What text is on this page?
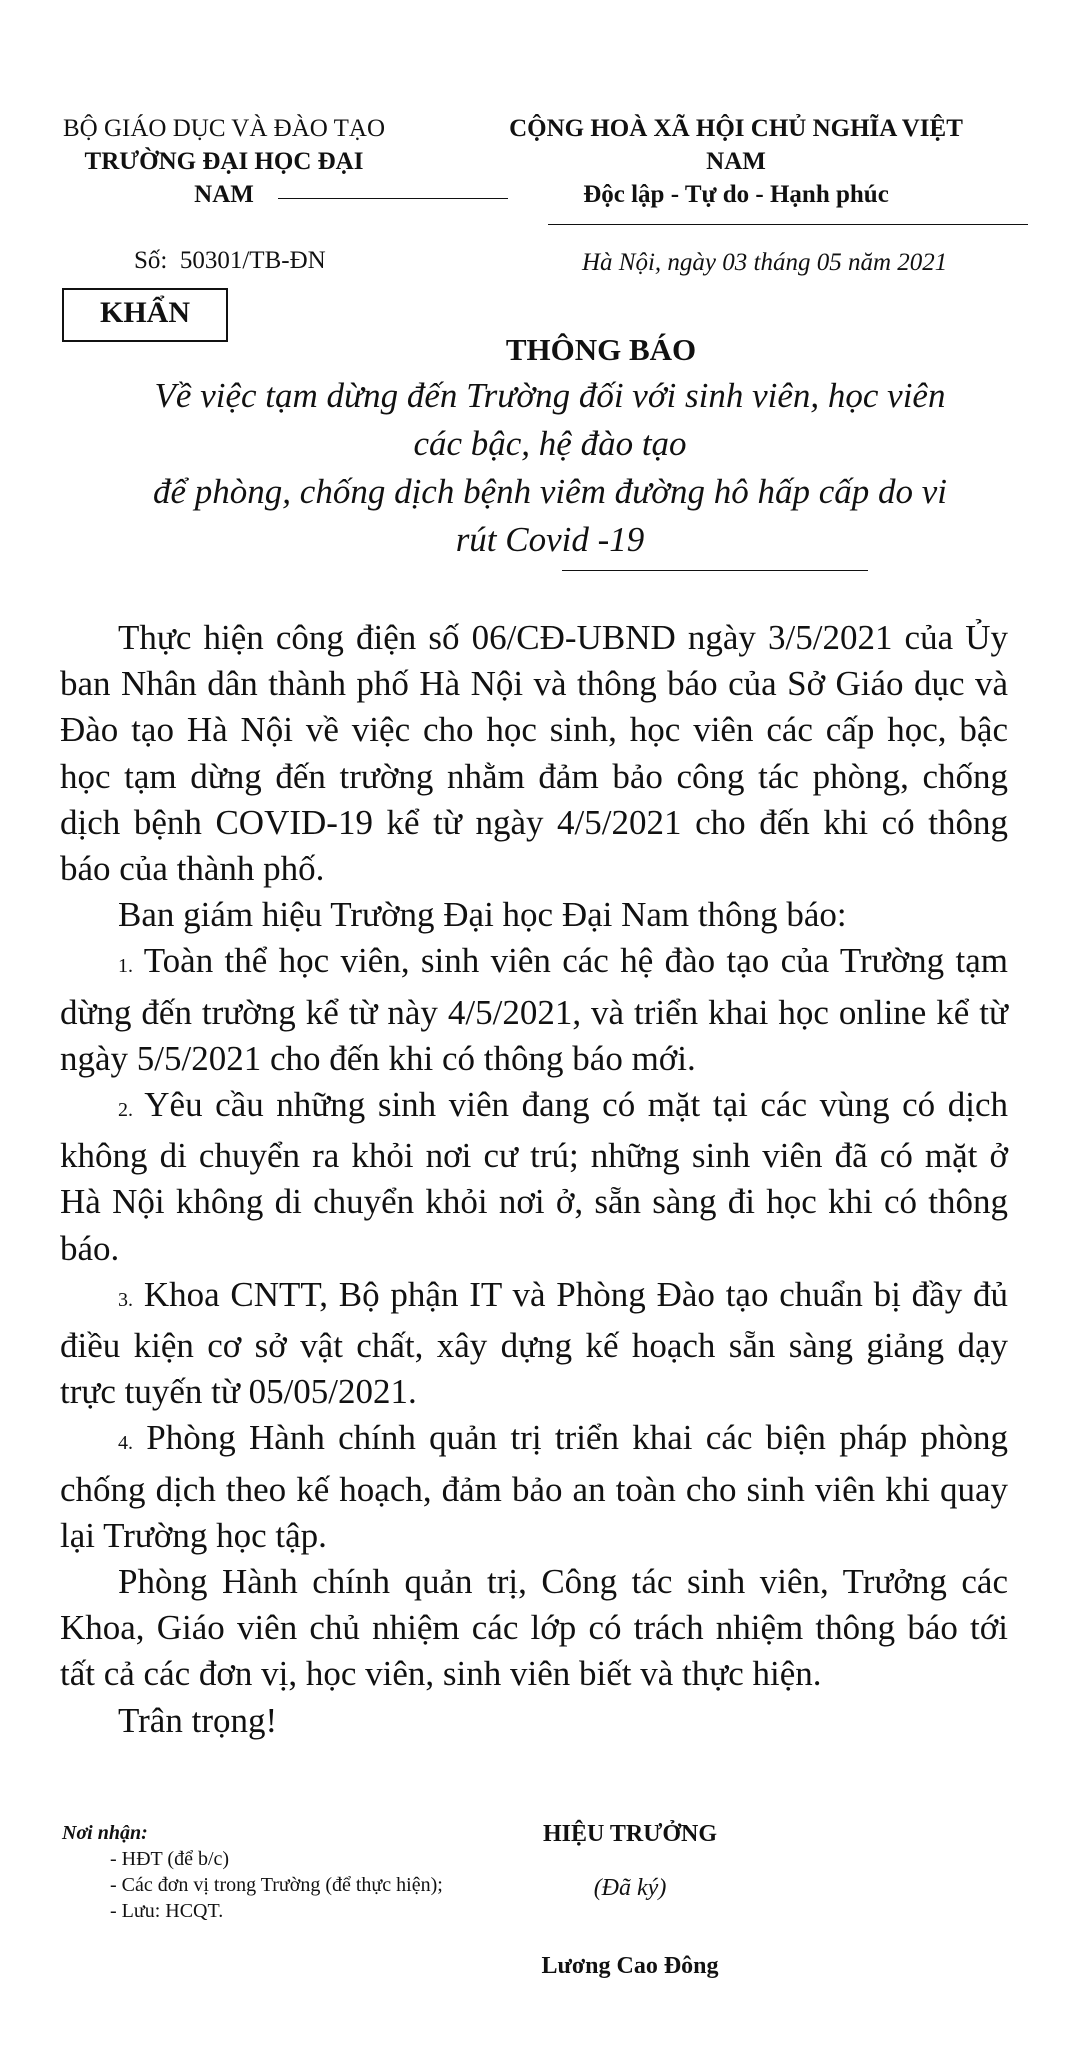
BỘ GIÁO DỤC VÀ ĐÀO TẠO
TRƯỜNG ĐẠI HỌC ĐẠI
NAM
CỘNG HOÀ XÃ HỘI CHỦ NGHĨA VIỆT
NAM
Độc lập - Tự do - Hạnh phúc
Số: 50301/TB-ĐN	Hà Nội, ngày 03 tháng 05 năm 2021
KHẨN
THÔNG BÁO
Về việc tạm dừng đến Trường đối với sinh viên, học viên
các bậc, hệ đào tạo
để phòng, chống dịch bệnh viêm đường hô hấp cấp do vi
rút Covid -19

Thực hiện công điện số 06/CĐ-UBND ngày 3/5/2021 của Ủy ban Nhân dân thành phố Hà Nội và thông báo của Sở Giáo dục và Đào tạo Hà Nội về việc cho học sinh, học viên các cấp học, bậc học tạm dừng đến trường nhằm đảm bảo công tác phòng, chống dịch bệnh COVID-19 kể từ ngày 4/5/2021 cho đến khi có thông báo của thành phố.

Ban giám hiệu Trường Đại học Đại Nam thông báo:

1. Toàn thể học viên, sinh viên các hệ đào tạo của Trường tạm dừng đến trường kể từ này 4/5/2021, và triển khai học online kể từ ngày 5/5/2021 cho đến khi có thông báo mới.

2. Yêu cầu những sinh viên đang có mặt tại các vùng có dịch không di chuyển ra khỏi nơi cư trú; những sinh viên đã có mặt ở Hà Nội không di chuyển khỏi nơi ở, sẵn sàng đi học khi có thông báo.

3. Khoa CNTT, Bộ phận IT và Phòng Đào tạo chuẩn bị đầy đủ điều kiện cơ sở vật chất, xây dựng kế hoạch sẵn sàng giảng dạy trực tuyến từ 05/05/2021.

4. Phòng Hành chính quản trị triển khai các biện pháp phòng chống dịch theo kế hoạch, đảm bảo an toàn cho sinh viên khi quay lại Trường học tập.

Phòng Hành chính quản trị, Công tác sinh viên, Trưởng các Khoa, Giáo viên chủ nhiệm các lớp có trách nhiệm thông báo tới tất cả các đơn vị, học viên, sinh viên biết và thực hiện.

Trân trọng!

Nơi nhận:
- HĐT (để b/c)
- Các đơn vị trong Trường (để thực hiện);
- Lưu: HCQT.
HIỆU TRƯỞNG
(Đã ký)
Lương Cao Đông
